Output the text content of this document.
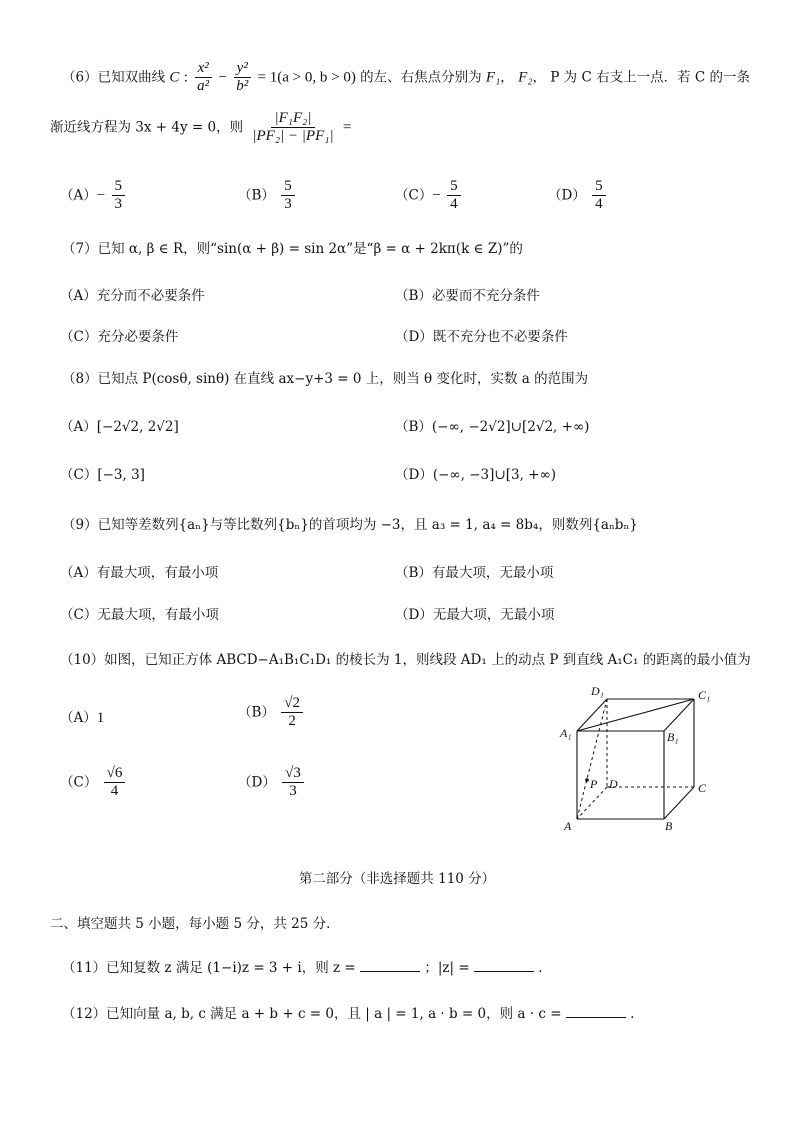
（6）已知双曲线 C : $\frac{\text{x²}}{\text{a²}} - \frac{\text{y²}}{\text{b²}} = 1(a > 0$, b > 0) 的左、右焦点分别为 F₁， F₂， P 为 C 右支上一点．若 C 的一条
渐近线方程为 3x + 4y = 0，则 $\frac{\text{|F₁F₂|}}{\text{|PF₂| − |PF₁|}}$ =
$(A)- \frac{5}{3}$	$(B) \frac{5}{3}$	$(C)- \frac{5}{4}$	$(D) \frac{5}{4}$
（7）已知 α, β ∈ R，则“sin(α + β) = sin 2α”是“β = α + 2kπ(k ∈ Z)”的
（A）充分而不必要条件	（B）必要而不充分条件
（C）充分必要条件	（D）既不充分也不必要条件
（8）已知点 P(cosθ, sinθ) 在直线 ax−y+3 = 0 上，则当 θ 变化时，实数 a 的范围为
（A）[−2√2, 2√2]	（B）(−∞, −2√2]∪[2√2, +∞)
（C）[−3, 3]	（D）(−∞, −3]∪[3, +∞)
（9）已知等差数列{aₙ}与等比数列{bₙ}的首项均为 −3，且 a₃ = 1, a₄ = 8b₄，则数列{aₙbₙ}
（A）有最大项，有最小项	（B）有最大项，无最小项
（C）无最大项，有最小项	（D）无最大项，无最小项
（10）如图，已知正方体 ABCD−A₁B₁C₁D₁ 的棱长为 1，则线段 AD₁ 上的动点 P 到直线 A₁C₁ 的距离的最小值为
（A）1	$(B) \frac{√2}{2}$
$(C) \frac{√6}{4}$	$(D) \frac{√3}{3}$
D₁	C₁
A₁	B₁
P D	C
A	B
第二部分（非选择题共 110 分）
二、填空题共 5 小题，每小题 5 分，共 25 分．
（11）已知复数 z 满足 (1−i)z = 3 + i，则 z =	；|z| =	.
（12）已知向量 a, b, c 满足 a + b + c = 0，且 | a | = 1, a · b = 0，则 a · c =	.
